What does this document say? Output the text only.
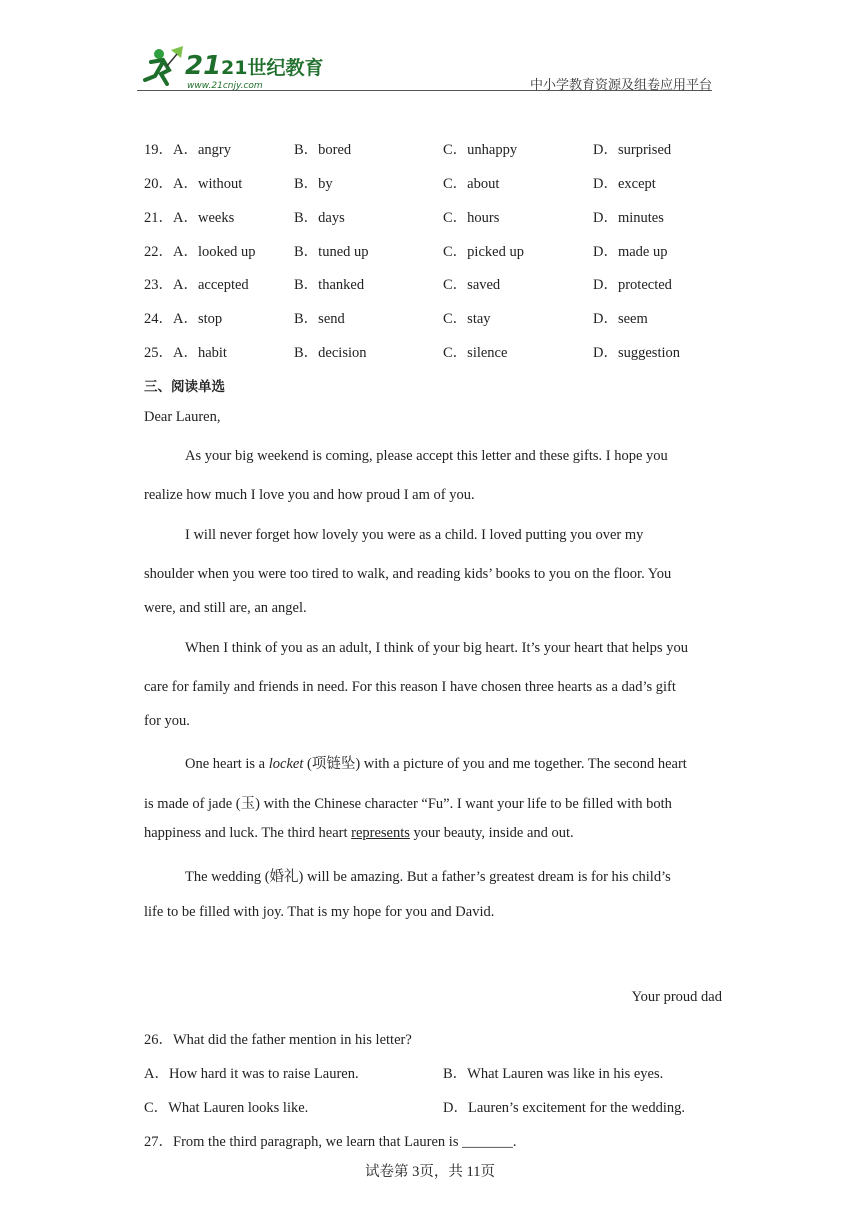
21 21世纪教育
www.21cnjy.com	中小学教育资源及组卷应用平台
19． A．angry	B．bored	C．unhappy	D．surprised
20． A．without	B．by	C．about	D．except
21． A．weeks	B．days	C．hours	D．minutes
22． A．looked up	B．tuned up	C．picked up	D．made up
23． A．accepted	B．thanked	C．saved	D．protected
24． A．stop	B．send	C．stay	D．seem
25． A．habit	B．decision	C．silence	D．suggestion
三、阅读单选
Dear Lauren,
As your big weekend is coming, please accept this letter and these gifts. I hope you
realize how much I love you and how proud I am of you.
I will never forget how lovely you were as a child. I loved putting you over my
shoulder when you were too tired to walk, and reading kids’ books to you on the floor. You
were, and still are, an angel.
When I think of you as an adult, I think of your big heart. It’s your heart that helps you
care for family and friends in need. For this reason I have chosen three hearts as a dad’s gift
for you.
One heart is a locket (项链坠) with a picture of you and me together. The second heart
is made of jade (玉) with the Chinese character “Fu”. I want your life to be filled with both
happiness and luck. The third heart represents your beauty, inside and out.
The wedding (婚礼) will be amazing. But a father’s greatest dream is for his child’s
life to be filled with joy. That is my hope for you and David.
Your proud dad
26．What did the father mention in his letter?
A．How hard it was to raise Lauren.	B．What Lauren was like in his eyes.
C．What Lauren looks like.	D．Lauren’s excitement for the wedding.
27．From the third paragraph, we learn that Lauren is _______.
试卷第 3页，共 11页
